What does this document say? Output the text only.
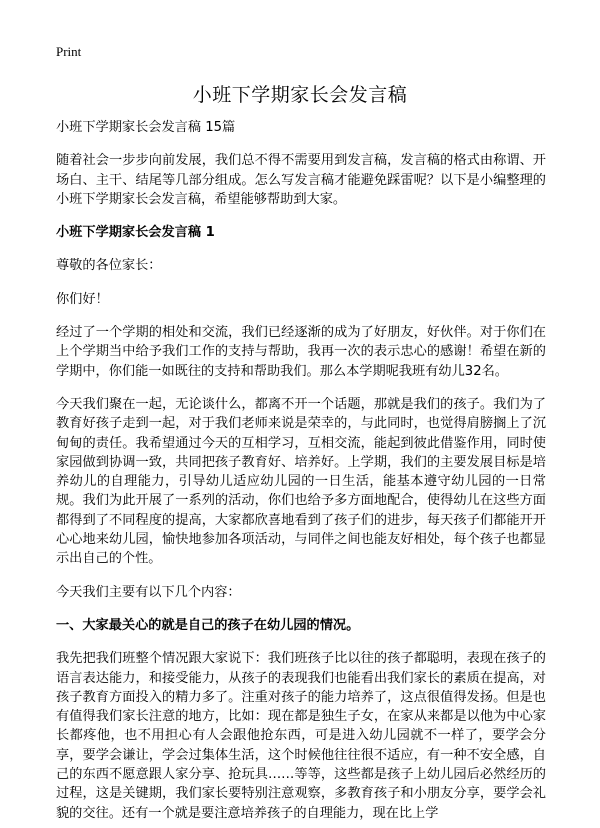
Print
小班下学期家长会发言稿

小班下学期家长会发言稿 15篇

随着社会一步步向前发展，我们总不得不需要用到发言稿，发言稿的格式由称谓、开场白、主干、结尾等几部分组成。怎么写发言稿才能避免踩雷呢？以下是小编整理的小班下学期家长会发言稿，希望能够帮助到大家。

小班下学期家长会发言稿 1

尊敬的各位家长：

你们好！

经过了一个学期的相处和交流，我们已经逐渐的成为了好朋友，好伙伴。对于你们在上个学期当中给予我们工作的支持与帮助，我再一次的表示忠心的感谢！希望在新的学期中，你们能一如既往的支持和帮助我们。那么本学期呢我班有幼儿32名。

今天我们聚在一起，无论谈什么，都离不开一个话题，那就是我们的孩子。我们为了教育好孩子走到一起，对于我们老师来说是荣幸的，与此同时，也觉得肩膀搁上了沉甸甸的责任。我希望通过今天的互相学习，互相交流，能起到彼此借鉴作用，同时使家园做到协调一致，共同把孩子教育好、培养好。上学期，我们的主要发展目标是培养幼儿的自理能力，引导幼儿适应幼儿园的一日生活，能基本遵守幼儿园的一日常规。我们为此开展了一系列的活动，你们也给予多方面地配合，使得幼儿在这些方面都得到了不同程度的提高，大家都欣喜地看到了孩子们的进步，每天孩子们都能开开心心地来幼儿园，愉快地参加各项活动，与同伴之间也能友好相处，每个孩子也都显示出自己的个性。

今天我们主要有以下几个内容：

一、大家最关心的就是自己的孩子在幼儿园的情况。

我先把我们班整个情况跟大家说下：我们班孩子比以往的孩子都聪明，表现在孩子的语言表达能力，和接受能力，从孩子的表现我们也能看出我们家长的素质在提高，对孩子教育方面投入的精力多了。注重对孩子的能力培养了，这点很值得发扬。但是也有值得我们家长注意的地方，比如：现在都是独生子女，在家从来都是以他为中心家长都疼他，也不用担心有人会跟他抢东西，可是进入幼儿园就不一样了，要学会分享，要学会谦让，学会过集体生活，这个时候他往往很不适应，有一种不安全感，自己的东西不愿意跟人家分享、抢玩具……等等，这些都是孩子上幼儿园后必然经历的过程，这是关键期，我们家长要特别注意观察，多教育孩子和小朋友分享，要学会礼貌的交往。还有一个就是要注意培养孩子的自理能力，现在比上学
